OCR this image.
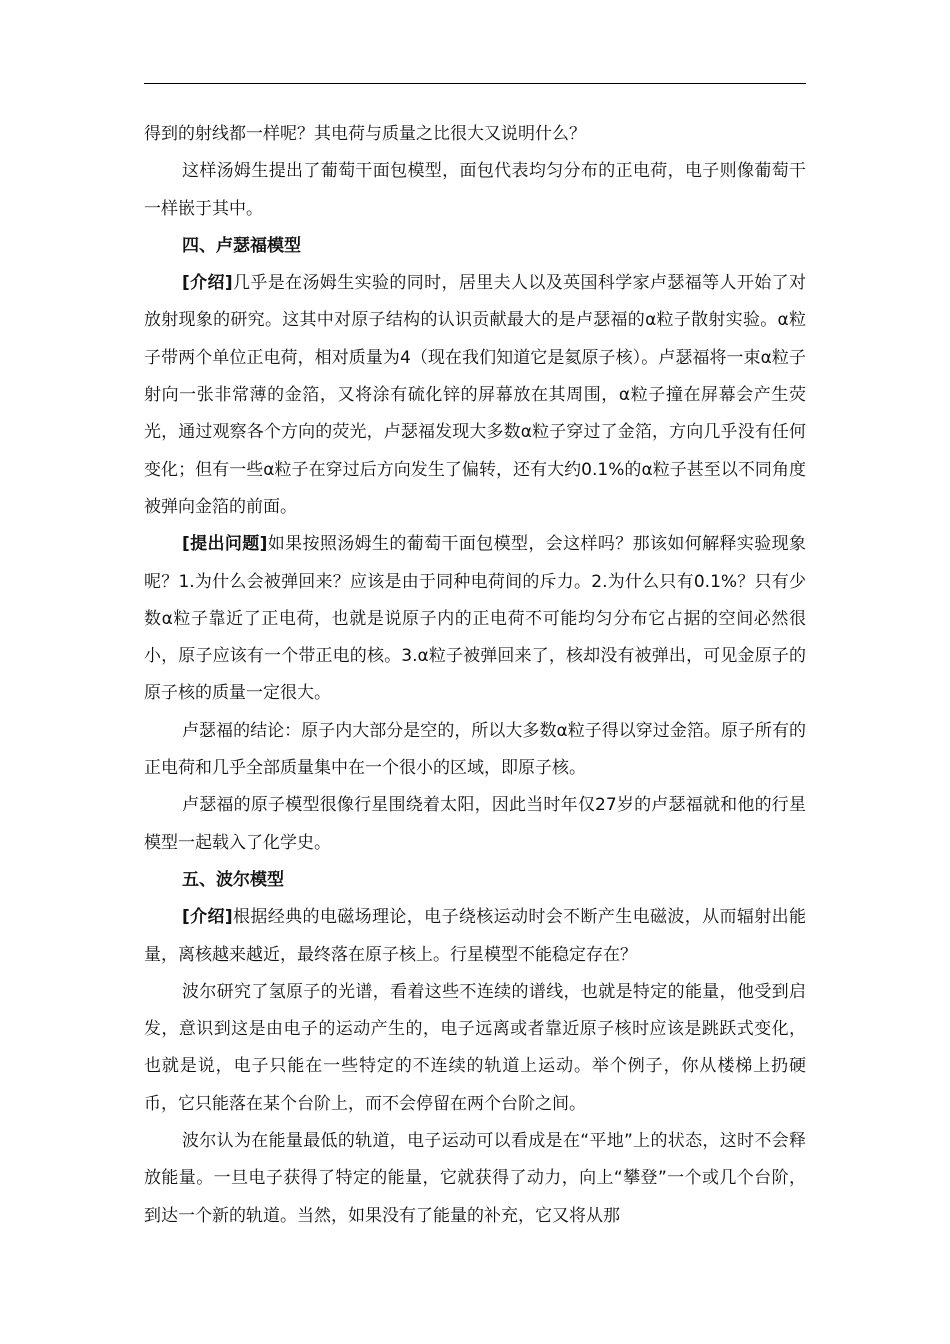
得到的射线都一样呢？其电荷与质量之比很大又说明什么？

这样汤姆生提出了葡萄干面包模型，面包代表均匀分布的正电荷，电子则像葡萄干一样嵌于其中。

四、卢瑟福模型

[介绍]几乎是在汤姆生实验的同时，居里夫人以及英国科学家卢瑟福等人开始了对放射现象的研究。这其中对原子结构的认识贡献最大的是卢瑟福的α粒子散射实验。α粒子带两个单位正电荷，相对质量为4（现在我们知道它是氦原子核）。卢瑟福将一束α粒子射向一张非常薄的金箔，又将涂有硫化锌的屏幕放在其周围，α粒子撞在屏幕会产生荧光，通过观察各个方向的荧光，卢瑟福发现大多数α粒子穿过了金箔，方向几乎没有任何变化；但有一些α粒子在穿过后方向发生了偏转，还有大约0.1%的α粒子甚至以不同角度被弹向金箔的前面。

[提出问题]如果按照汤姆生的葡萄干面包模型，会这样吗？那该如何解释实验现象呢？1.为什么会被弹回来？应该是由于同种电荷间的斥力。2.为什么只有0.1%？只有少数α粒子靠近了正电荷，也就是说原子内的正电荷不可能均匀分布它占据的空间必然很小，原子应该有一个带正电的核。3.α粒子被弹回来了，核却没有被弹出，可见金原子的原子核的质量一定很大。

卢瑟福的结论：原子内大部分是空的，所以大多数α粒子得以穿过金箔。原子所有的正电荷和几乎全部质量集中在一个很小的区域，即原子核。

卢瑟福的原子模型很像行星围绕着太阳，因此当时年仅27岁的卢瑟福就和他的行星模型一起载入了化学史。

五、波尔模型

[介绍]根据经典的电磁场理论，电子绕核运动时会不断产生电磁波，从而辐射出能量，离核越来越近，最终落在原子核上。行星模型不能稳定存在？

波尔研究了氢原子的光谱，看着这些不连续的谱线，也就是特定的能量，他受到启发，意识到这是由电子的运动产生的，电子远离或者靠近原子核时应该是跳跃式变化，也就是说，电子只能在一些特定的不连续的轨道上运动。举个例子，你从楼梯上扔硬币，它只能落在某个台阶上，而不会停留在两个台阶之间。

波尔认为在能量最低的轨道，电子运动可以看成是在“平地”上的状态，这时不会释放能量。一旦电子获得了特定的能量，它就获得了动力，向上“攀登”一个或几个台阶，到达一个新的轨道。当然，如果没有了能量的补充，它又将从那
